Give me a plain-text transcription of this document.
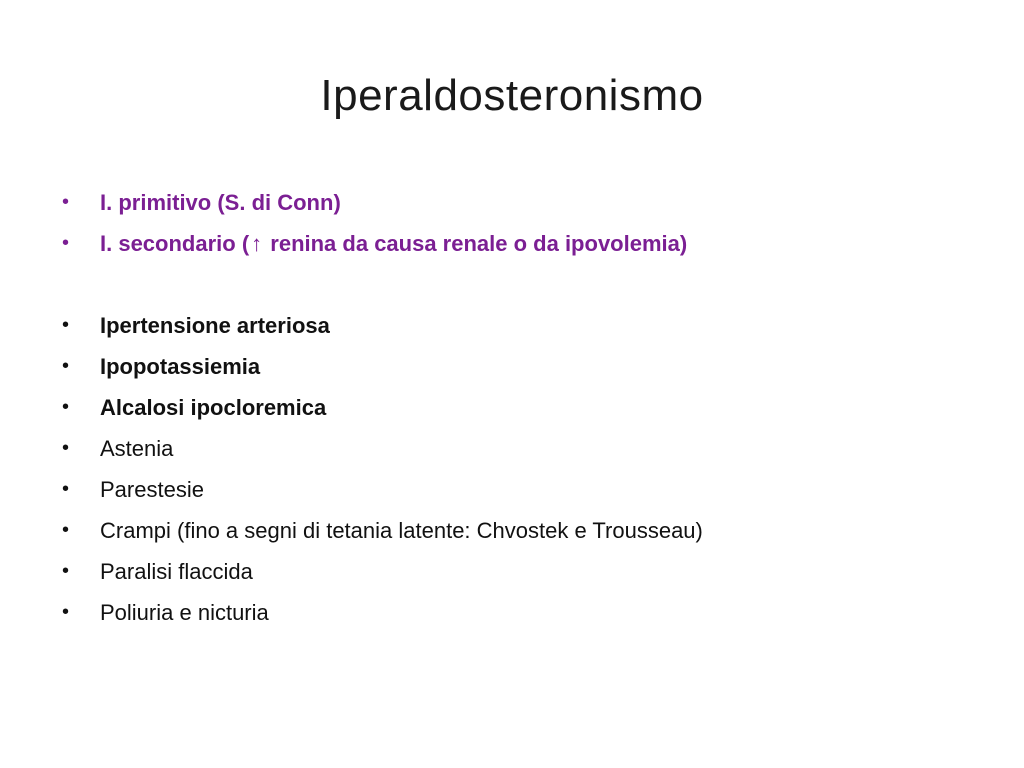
Iperaldosteronismo
•	I. primitivo (S. di Conn)
•	I. secondario (↑ renina da causa renale o da ipovolemia)
•	Ipertensione arteriosa
•	Ipopotassiemia
•	Alcalosi ipocloremica
•	Astenia
•	Parestesie
•	Crampi (fino a segni di tetania latente: Chvostek e Trousseau)
•	Paralisi flaccida
•	Poliuria e nicturia
